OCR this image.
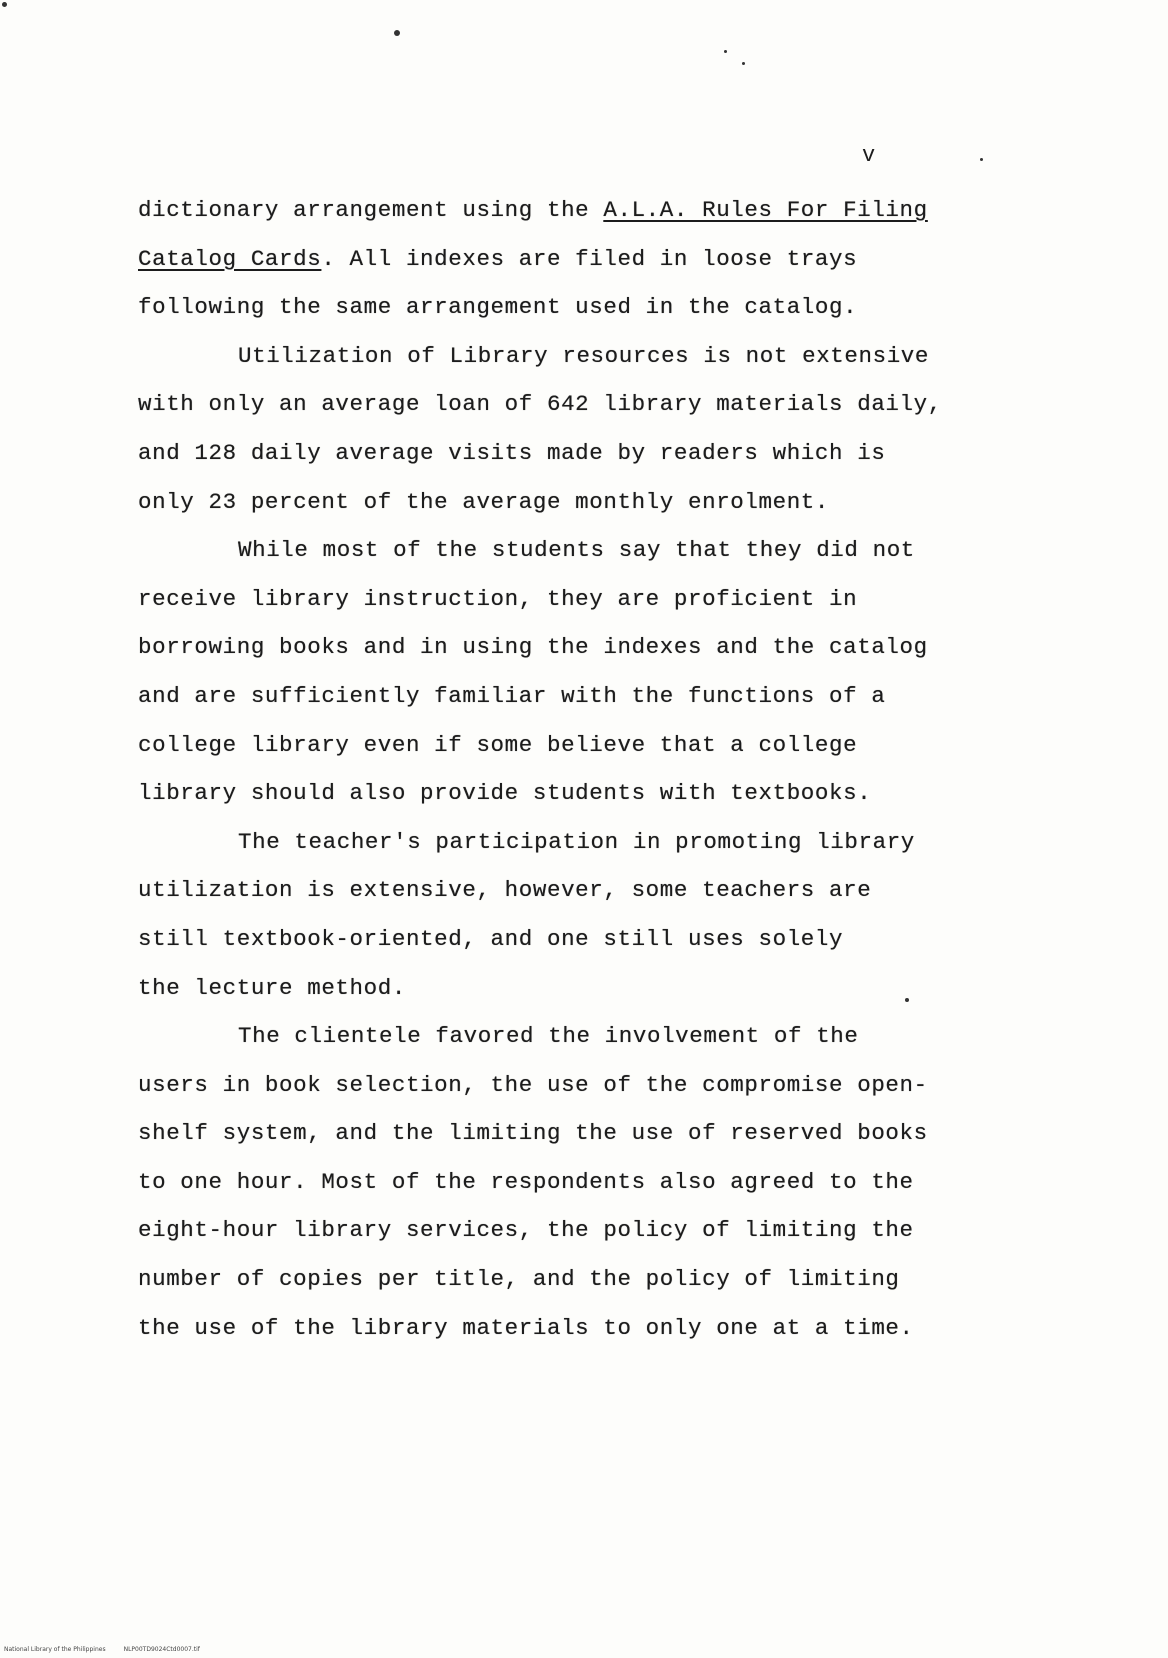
v
dictionary arrangement using the A.L.A. Rules For Filing
Catalog Cards. All indexes are filed in loose trays
following the same arrangement used in the catalog.
Utilization of Library resources is not extensive
with only an average loan of 642 library materials daily,
and 128 daily average visits made by readers which is
only 23 percent of the average monthly enrolment.
While most of the students say that they did not
receive library instruction, they are proficient in
borrowing books and in using the indexes and the catalog
and are sufficiently familiar with the functions of a
college library even if some believe that a college
library should also provide students with textbooks.
The teacher's participation in promoting library
utilization is extensive, however, some teachers are
still textbook-oriented, and one still uses solely
the lecture method.
The clientele favored the involvement of the
users in book selection, the use of the compromise open-
shelf system, and the limiting the use of reserved books
to one hour. Most of the respondents also agreed to the
eight-hour library services, the policy of limiting the
number of copies per title, and the policy of limiting
the use of the library materials to only one at a time.
National Library of the Philippines	NLP00TD9024Ctd0007.tif
